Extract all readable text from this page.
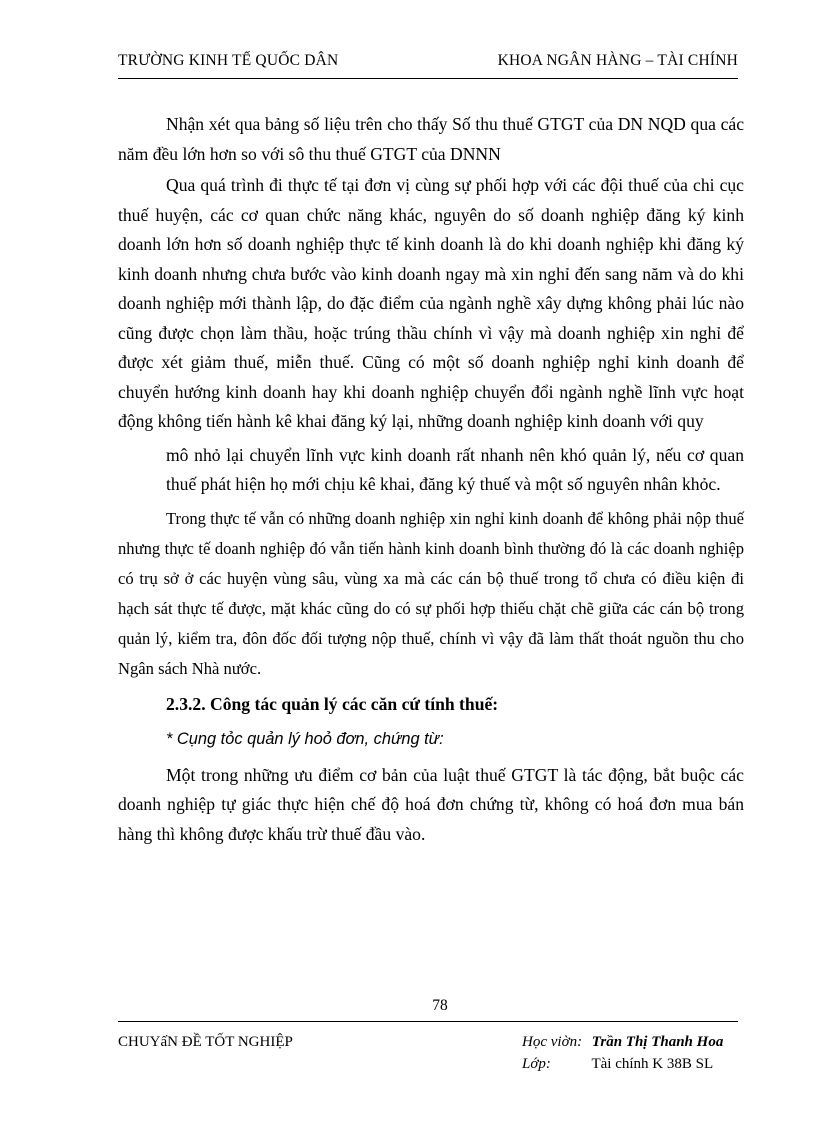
TRƯỜNG KINH TẾ QUỐC DÂN	KHOA NGÂN HÀNG – TÀI CHÍNH

Nhận xét qua bảng số liệu trên cho thấy Số thu thuế GTGT của DN NQD qua các năm đều lớn hơn so với sô thu thuế GTGT của DNNN

Qua quá trình đi thực tế tại đơn vị cùng sự phối hợp với các đội thuế của chi cục thuế huyện, các cơ quan chức năng khác, nguyên do số doanh nghiệp đăng ký kinh doanh lớn hơn số doanh nghiệp thực tế kinh doanh là do khi doanh nghiệp khi đăng ký kinh doanh nhưng chưa bước vào kinh doanh ngay mà xin nghỉ đến sang năm và do khi doanh nghiệp mới thành lập, do đặc điểm của ngành nghề xây dựng không phải lúc nào cũng được chọn làm thầu, hoặc trúng thầu chính vì vậy mà doanh nghiệp xin nghỉ để được xét giảm thuế, miễn thuế. Cũng có một số doanh nghiệp nghỉ kinh doanh để chuyển hướng kinh doanh hay khi doanh nghiệp chuyển đổi ngành nghề lĩnh vực hoạt động không tiến hành kê khai đăng ký lại, những doanh nghiệp kinh doanh với quy

mô nhỏ lại chuyển lĩnh vực kinh doanh rất nhanh nên khó quản lý, nếu cơ quan thuế phát hiện họ mới chịu kê khai, đăng ký thuế và một số nguyên nhân khỏc.

Trong thực tế vẫn có những doanh nghiệp xin nghỉ kinh doanh để không phải nộp thuế nhưng thực tế doanh nghiệp đó vẫn tiến hành kinh doanh bình thường đó là các doanh nghiệp có trụ sở ở các huyện vùng sâu, vùng xa mà các cán bộ thuế trong tổ chưa có điều kiện đi hạch sát thực tế được, mặt khác cũng do có sự phối hợp thiếu chặt chẽ giữa các cán bộ trong quản lý, kiểm tra, đôn đốc đối tượng nộp thuế, chính vì vậy đã làm thất thoát nguồn thu cho Ngân sách Nhà nước.

2.3.2. Công tác quản lý các căn cứ tính thuế:

* Cụng tỏc quản lý hoỏ đơn, chứng từ:

Một trong những ưu điểm cơ bản của luật thuế GTGT là tác động, bắt buộc các doanh nghiệp tự giác thực hiện chế độ hoá đơn chứng từ, không có hoá đơn mua bán hàng thì không được khấu trừ thuế đầu vào.

78
CHUYấN ĐỀ TỐT NGHIỆP	Học viờn: Trần Thị Thanh Hoa
Lớp:	Tài chính K 38B SL
